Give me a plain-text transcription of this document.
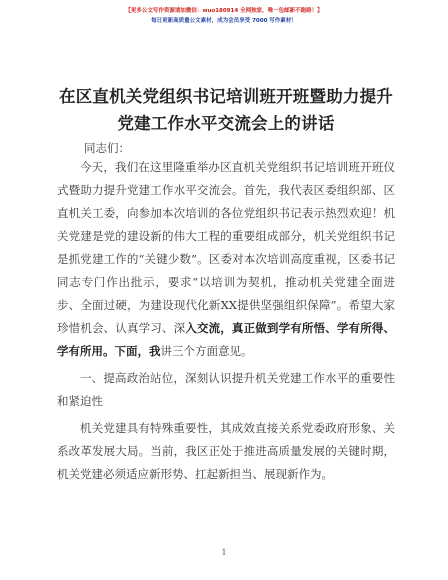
【更多公文写作资源请加微信：wuo180914 全网独家，唯一包邮新不跑路！】
每日更新高质量公文素材，成为会员享受 7000 写作素材！
在区直机关党组织书记培训班开班暨助力提升党建工作水平交流会上的讲话
同志们：

今天，我们在这里隆重举办区直机关党组织书记培训班开班仪式暨助力提升党建工作水平交流会。首先，我代表区委组织部、区直机关工委，向参加本次培训的各位党组织书记表示热烈欢迎！机关党建是党的建设新的伟大工程的重要组成部分，机关党组织书记是抓党建工作的“关键少数”。区委对本次培训高度重视，区委书记同志专门作出批示，要求“以培训为契机，推动机关党建全面进步、全面过硬，为建设现代化新XX提供坚强组织保障”。希望大家珍惜机会、认真学习、深入交流，真正做到学有所悟、学有所得、学有所用。下面，我讲三个方面意见。

一、提高政治站位，深刻认识提升机关党建工作水平的重要性和紧迫性

机关党建具有特殊重要性，其成效直接关系党委政府形象、关系改革发展大局。当前，我区正处于推进高质量发展的关键时期，机关党建必须适应新形势、扛起新担当、展现新作为。

1
